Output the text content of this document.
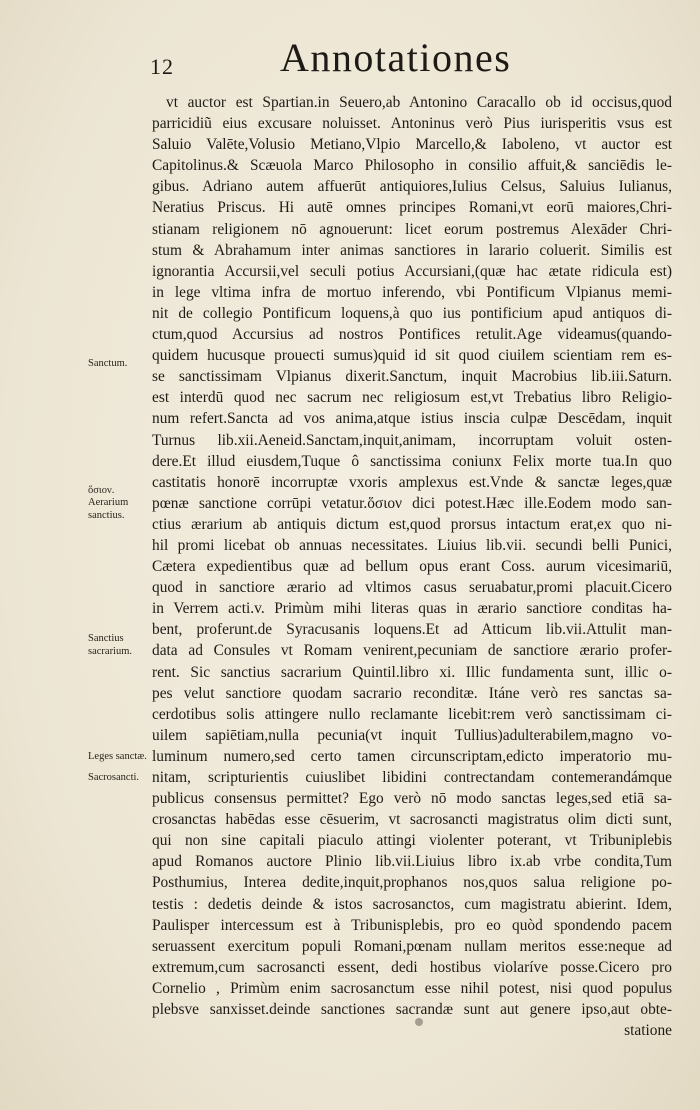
12	Annotationes
Sanctum.
ὅσιον.
Aerarium sanctius.
Sanctius sacrarium.
Leges sanctæ.
Sacrosancti.
vt auctor est Spartian.in Seuero,ab Antonino Caracallo ob id occisus,quod
parricidiũ eius excusare noluisset. Antoninus verò Pius iurisperitis vsus est
Saluio Valēte,Volusio Metiano,Vlpio Marcello,& Iaboleno, vt auctor est
Capitolinus.& Scæuola Marco Philosopho in consilio affuit,& sanciēdis le-
gibus. Adriano autem affuerūt antiquiores,Iulius Celsus, Saluius Iulianus,
Neratius Priscus. Hi autē omnes principes Romani,vt eorū maiores,Chri-
stianam religionem nō agnouerunt: licet eorum postremus Alexāder Chri-
stum & Abrahamum inter animas sanctiores in larario coluerit. Similis est
ignorantia Accursii,vel seculi potius Accursiani,(quæ hac ætate ridicula est)
in lege vltima infra de mortuo inferendo, vbi Pontificum Vlpianus memi-
nit de collegio Pontificum loquens,à quo ius pontificium apud antiquos di-
ctum,quod Accursius ad nostros Pontifices retulit.Age videamus(quando-
quidem hucusque prouecti sumus)quid id sit quod ciuilem scientiam rem es-
se sanctissimam Vlpianus dixerit.Sanctum, inquit Macrobius lib.iii.Saturn.
est interdū quod nec sacrum nec religiosum est,vt Trebatius libro Religio-
num refert.Sancta ad vos anima,atque istius inscia culpæ Descēdam, inquit
Turnus lib.xii.Aeneid.Sanctam,inquit,animam, incorruptam voluit osten-
dere.Et illud eiusdem,Tuque ô sanctissima coniunx Felix morte tua.In quo
castitatis honorē incorruptæ vxoris amplexus est.Vnde & sanctæ leges,quæ
pœnæ sanctione corrūpi vetatur.ὅσιον dici potest.Hæc ille.Eodem modo san-
ctius ærarium ab antiquis dictum est,quod prorsus intactum erat,ex quo ni-
hil promi licebat ob annuas necessitates. Liuius lib.vii. secundi belli Punici,
Cætera expedientibus quæ ad bellum opus erant Coss. aurum vicesimariū,
quod in sanctiore ærario ad vltimos casus seruabatur,promi placuit.Cicero
in Verrem acti.v. Primùm mihi literas quas in ærario sanctiore conditas ha-
bent, proferunt.de Syracusanis loquens.Et ad Atticum lib.vii.Attulit man-
data ad Consules vt Romam venirent,pecuniam de sanctiore ærario profer-
rent. Sic sanctius sacrarium Quintil.libro xi. Illic fundamenta sunt, illic o-
pes velut sanctiore quodam sacrario reconditæ. Itáne verò res sanctas sa-
cerdotibus solis attingere nullo reclamante licebit:rem verò sanctissimam ci-
uilem sapiētiam,nulla pecunia(vt inquit Tullius)adulterabilem,magno vo-
luminum numero,sed certo tamen circunscriptam,edicto imperatorio mu-
nitam, scripturientis cuiuslibet libidini contrectandam contemerandámque
publicus consensus permittet? Ego verò nō modo sanctas leges,sed etiā sa-
crosanctas habēdas esse cēsuerim, vt sacrosancti magistratus olim dicti sunt,
qui non sine capitali piaculo attingi violenter poterant, vt Tribuniplebis
apud Romanos auctore Plinio lib.vii.Liuius libro ix.ab vrbe condita,Tum
Posthumius, Interea dedite,inquit,prophanos nos,quos salua religione po-
testis : dedetis deinde & istos sacrosanctos, cum magistratu abierint. Idem,
Paulisper intercessum est à Tribunisplebis, pro eo quòd spondendo pacem
seruassent exercitum populi Romani,pœnam nullam meritos esse:neque ad
extremum,cum sacrosancti essent, dedi hostibus violaríve posse.Cicero pro
Cornelio , Primùm enim sacrosanctum esse nihil potest, nisi quod populus
plebsve sanxisset.deinde sanctiones sacrandæ sunt aut genere ipso,aut obte-
statione
